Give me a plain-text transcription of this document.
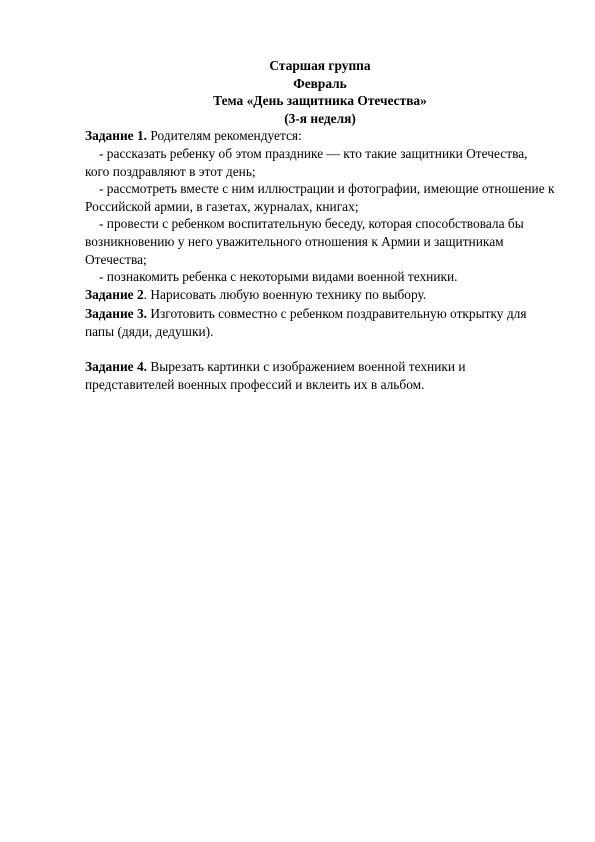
Старшая группа

Февраль

Тема «День защитника Отечества»

(3-я неделя)

Задание 1. Родителям рекомендуется:

- рассказать ребенку об этом празднике — кто такие защитники Отечества, кого поздравляют в этот день;

- рассмотреть вместе с ним иллюстрации и фотографии, имеющие отношение к Российской армии, в газетах, журналах, книгах;

- провести с ребенком воспитательную беседу, которая способствовала бы возникновению у него уважительного отношения к Армии и защитникам Отечества;

- познакомить ребенка с некоторыми видами военной техники.

Задание 2. Нарисовать любую военную технику по выбору.

Задание 3. Изготовить совместно с ребенком поздравительную открытку для папы (дяди, дедушки).

Задание 4. Вырезать картинки с изображением военной техники и представителей военных профессий и вклеить их в альбом.
